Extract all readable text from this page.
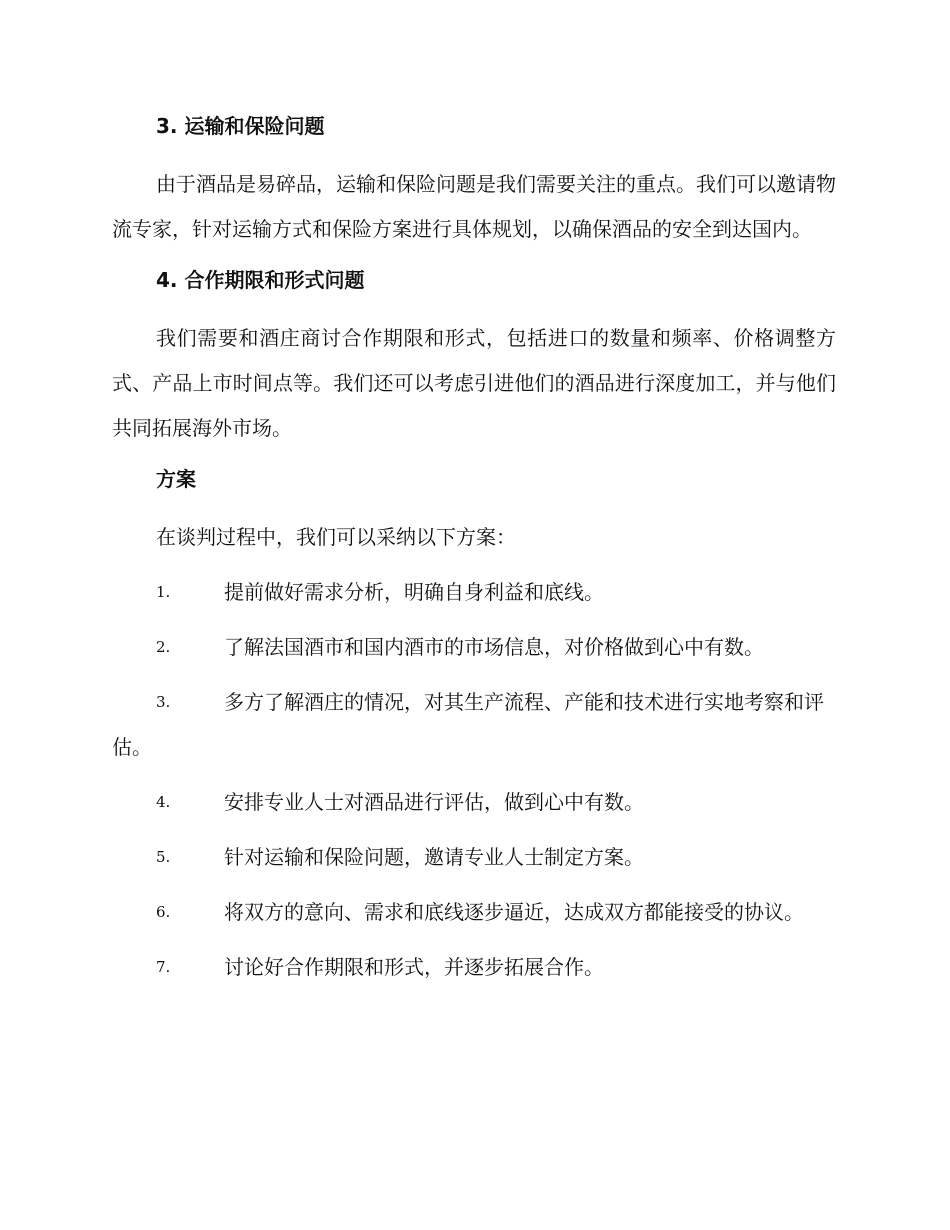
3. 运输和保险问题

由于酒品是易碎品，运输和保险问题是我们需要关注的重点。我们可以邀请物流专家，针对运输方式和保险方案进行具体规划，以确保酒品的安全到达国内。

4. 合作期限和形式问题

我们需要和酒庄商讨合作期限和形式，包括进口的数量和频率、价格调整方式、产品上市时间点等。我们还可以考虑引进他们的酒品进行深度加工，并与他们共同拓展海外市场。

方案

在谈判过程中，我们可以采纳以下方案：

1.	提前做好需求分析，明确自身利益和底线。
2.	了解法国酒市和国内酒市的市场信息，对价格做到心中有数。
3.	多方了解酒庄的情况，对其生产流程、产能和技术进行实地考察和评估。
4.	安排专业人士对酒品进行评估，做到心中有数。
5.	针对运输和保险问题，邀请专业人士制定方案。
6.	将双方的意向、需求和底线逐步逼近，达成双方都能接受的协议。
7.	讨论好合作期限和形式，并逐步拓展合作。
